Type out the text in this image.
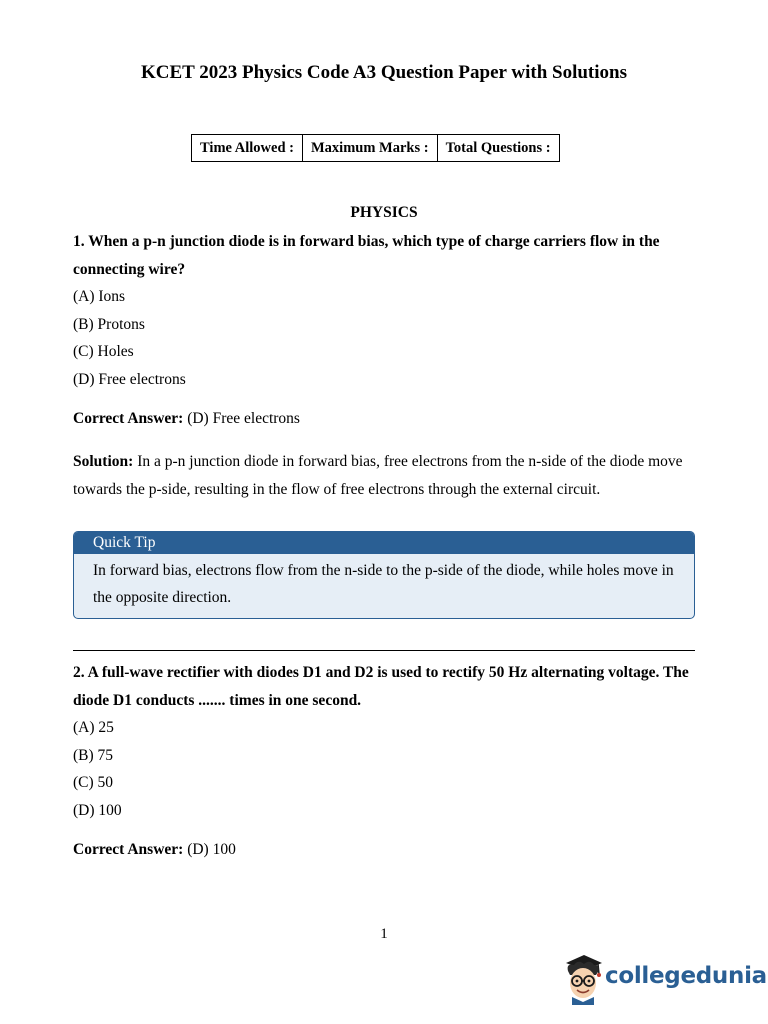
KCET 2023 Physics Code A3 Question Paper with Solutions
Time Allowed :	Maximum Marks :	Total Questions :
PHYSICS
1. When a p-n junction diode is in forward bias, which type of charge carriers flow in the connecting wire?
(A) Ions
(B) Protons
(C) Holes
(D) Free electrons
Correct Answer: (D) Free electrons
Solution: In a p-n junction diode in forward bias, free electrons from the n-side of the diode move towards the p-side, resulting in the flow of free electrons through the external circuit.
Quick Tip
In forward bias, electrons flow from the n-side to the p-side of the diode, while holes move in the opposite direction.
2. A full-wave rectifier with diodes D1 and D2 is used to rectify 50 Hz alternating voltage. The diode D1 conducts ....... times in one second.
(A) 25
(B) 75
(C) 50
(D) 100
Correct Answer: (D) 100
1
collegedunia
